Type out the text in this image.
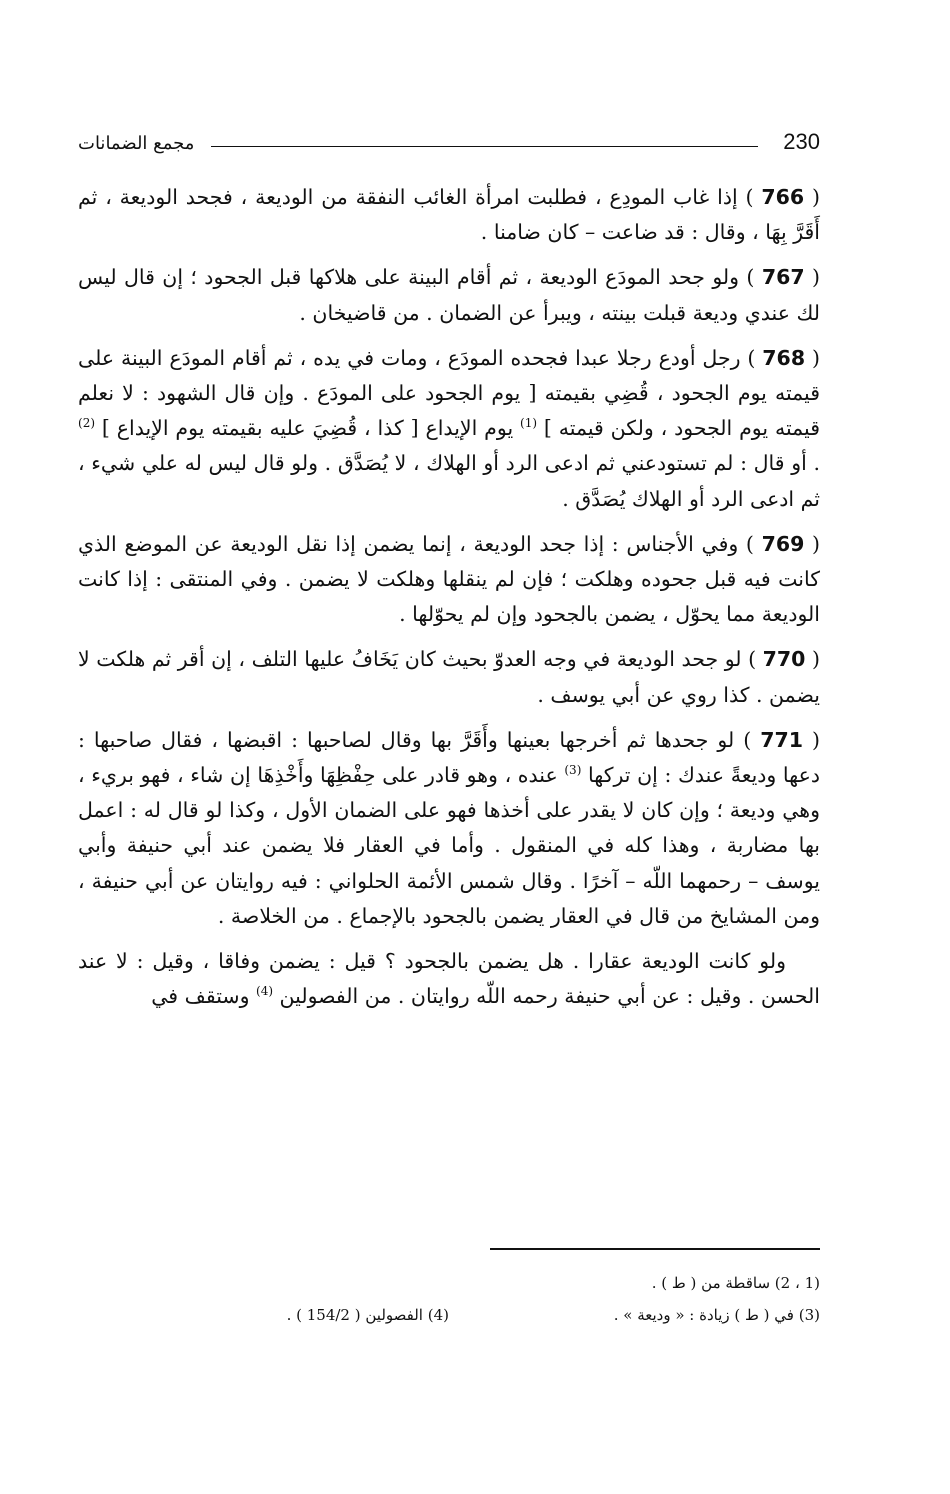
230
مجمع الضمانات

( 766 ) إذا غاب المودِع ، فطلبت امرأة الغائب النفقة من الوديعة ، فجحد الوديعة ، ثم أَقَرَّ بِهَا ، وقال : قد ضاعت – كان ضامنا .

( 767 ) ولو جحد المودَع الوديعة ، ثم أقام البينة على هلاكها قبل الجحود ؛ إن قال ليس لك عندي وديعة قبلت بينته ، ويبرأ عن الضمان . من قاضيخان .

( 768 ) رجل أودع رجلا عبدا فجحده المودَع ، ومات في يده ، ثم أقام المودَع البينة على قيمته يوم الجحود ، قُضِي بقيمته [ يوم الجحود على المودَع . وإن قال الشهود : لا نعلم قيمته يوم الجحود ، ولكن قيمته ] $^{(1)}$ يوم الإيداع [ كذا ، قُضِيَ عليه بقيمته يوم الإيداع ] $^{(2)}$ . أو قال : لم تستودعني ثم ادعى الرد أو الهلاك ، لا يُصَدَّق . ولو قال ليس له علي شيء ، ثم ادعى الرد أو الهلاك يُصَدَّق .

( 769 ) وفي الأجناس : إذا جحد الوديعة ، إنما يضمن إذا نقل الوديعة عن الموضع الذي كانت فيه قبل جحوده وهلكت ؛ فإن لم ينقلها وهلكت لا يضمن . وفي المنتقى : إذا كانت الوديعة مما يحوّل ، يضمن بالجحود وإن لم يحوّلها .

( 770 ) لو جحد الوديعة في وجه العدوّ بحيث كان يَخَافُ عليها التلف ، إن أقر ثم هلكت لا يضمن . كذا روي عن أبي يوسف .

( 771 ) لو جحدها ثم أخرجها بعينها وأَقَرَّ بها وقال لصاحبها : اقبضها ، فقال صاحبها : دعها وديعةً عندك : إن تركها $^{(3)}$ عنده ، وهو قادر على حِفْظِهَا وأَخْذِهَا إن شاء ، فهو بريء ، وهي وديعة ؛ وإن كان لا يقدر على أخذها فهو على الضمان الأول ، وكذا لو قال له : اعمل بها مضاربة ، وهذا كله في المنقول . وأما في العقار فلا يضمن عند أبي حنيفة وأبي يوسف – رحمهما اللّه – آخرًا . وقال شمس الأئمة الحلواني : فيه روايتان عن أبي حنيفة ، ومن المشايخ من قال في العقار يضمن بالجحود بالإجماع . من الخلاصة .

ولو كانت الوديعة عقارا . هل يضمن بالجحود ؟ قيل : يضمن وفاقا ، وقيل : لا عند الحسن . وقيل : عن أبي حنيفة رحمه اللّه روايتان . من الفصولين $^{(4)}$ وستقف في

(1 ، 2) ساقطة من ( ط ) .
(3) في ( ط ) زيادة : « وديعة » .
(4) الفصولين ( 154/2 ) .
